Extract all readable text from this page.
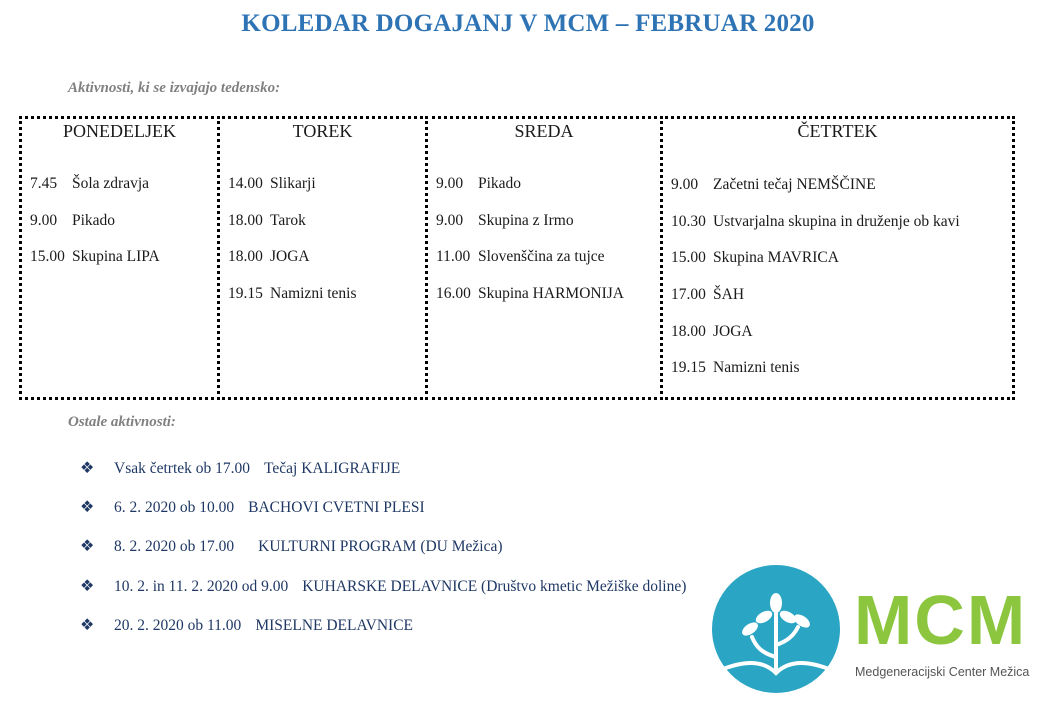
KOLEDAR DOGAJANJ V MCM – FEBRUAR 2020
Aktivnosti, ki se izvajajo tedensko:
PONEDELJEK
7.45 Šola zdravja
9.00 Pikado
15.00 Skupina LIPA
TOREK
14.00 Slikarji
18.00 Tarok
18.00 JOGA
19.15 Namizni tenis
SREDA
9.00 Pikado
9.00 Skupina z Irmo
11.00 Slovenščina za tujce
16.00 Skupina HARMONIJA
ČETRTEK
9.00 Začetni tečaj NEMŠČINE
10.30 Ustvarjalna skupina in druženje ob kavi
15.00 Skupina MAVRICA
17.00 ŠAH
18.00 JOGA
19.15 Namizni tenis
Ostale aktivnosti:
❖	Vsak četrtek ob 17.00 Tečaj KALIGRAFIJE
❖	6. 2. 2020 ob 10.00 BACHOVI CVETNI PLESI
❖	8. 2. 2020 ob 17.00 KULTURNI PROGRAM (DU Mežica)
❖	10. 2. in 11. 2. 2020 od 9.00 KUHARSKE DELAVNICE (Društvo kmetic Mežiške doline)
❖	20. 2. 2020 ob 11.00 MISELNE DELAVNICE	MCM
Medgeneracijski Center Mežica
